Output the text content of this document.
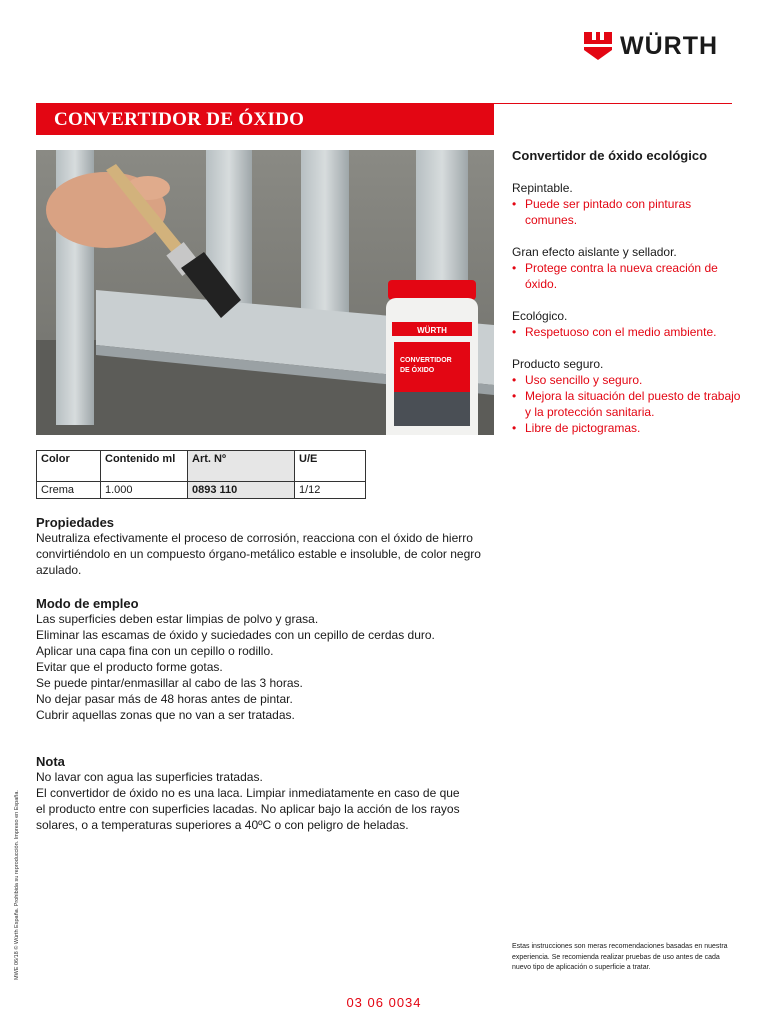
WÜRTH
CONVERTIDOR DE ÓXIDO
WÜRTH
CONVERTIDOR
DE ÓXIDO
Color	Contenido ml	Art. Nº	U/E
Crema	1.000	0893 110	1/12
Propiedades
Neutraliza efectivamente el proceso de corrosión, reacciona con el óxido de hierro convirtiéndolo en un compuesto órgano-metálico estable e insoluble, de color negro azulado.
Modo de empleo
Las superficies deben estar limpias de polvo y grasa.
Eliminar las escamas de óxido y suciedades con un cepillo de cerdas duro.
Aplicar una capa fina con un cepillo o rodillo.
Evitar que el producto forme gotas.
Se puede pintar/enmasillar al cabo de las 3 horas.
No dejar pasar más de 48 horas antes de pintar.
Cubrir aquellas zonas que no van a ser tratadas.
Nota
No lavar con agua las superficies tratadas.
El convertidor de óxido no es una laca. Limpiar inmediatamente en caso de que
el producto entre con superficies lacadas. No aplicar bajo la acción de los rayos
solares, o a temperaturas superiores a 40ºC o con peligro de heladas.
Convertidor de óxido ecológico
Repintable.
• Puede ser pintado con pinturas comunes.
Gran efecto aislante y sellador.
• Protege contra la nueva creación de óxido.
Ecológico.
• Respetuoso con el medio ambiente.
Producto seguro.
• Uso sencillo y seguro.
• Mejora la situación del puesto de trabajo y la protección sanitaria.
• Libre de pictogramas.
Estas instrucciones son meras recomendaciones basadas en nuestra experiencia. Se recomienda realizar pruebas de uso antes de cada nuevo tipo de aplicación o superficie a tratar.
MWE 06/18 © Würth España. Prohibida su reproducción. Impreso en España.
03 06 0034
